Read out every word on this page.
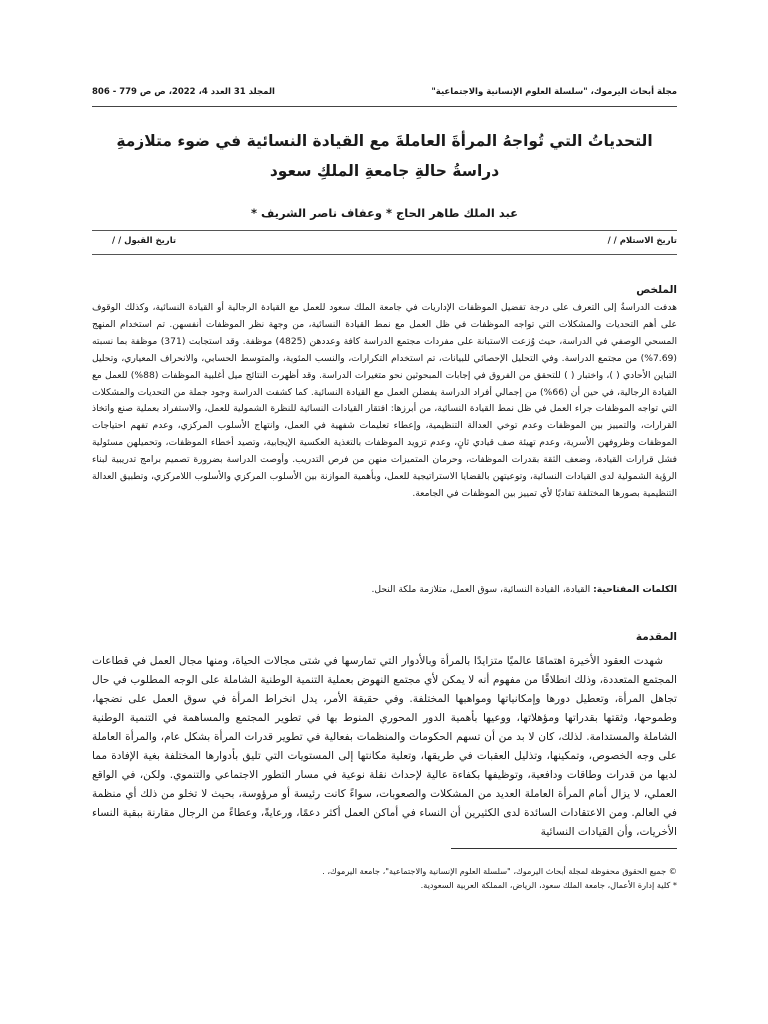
مجلة أبحاث اليرموك، "سلسلة العلوم الإنسانية والاجتماعية"
المجلد 31 العدد 4، 2022، ص ص 779 - 806
التحدياتُ التي تُواجهُ المرأةَ العاملةَ مع القيادة النسائية في ضوء متلازمةِ
دراسةُ حالةِ جامعةِ الملكِ سعود
عبد الملك طاهر الحاج * وعفاف ناصر الشريف *
تاريخ الاستلام / /
تاريخ القبول / /
الملخص
هدفت الدراسةُ إلى التعرف على درجة تفضيل الموظفات الإداريات في جامعة الملك سعود للعمل مع القيادة الرجالية أو القيادة النسائية، وكذلك الوقوف على أهم التحديات والمشكلات التي تواجه الموظفات في ظل العمل مع نمط القيادة النسائية، من وجهة نظر الموظفات أنفسهن. تم استخدام المنهج المسحي الوصفي في الدراسة، حيث وُزعت الاستبانة على مفردات مجتمع الدراسة كافة وعددهن (4825) موظفة. وقد استجابت (371) موظفة بما نسبته (7.69%) من مجتمع الدراسة. وفي التحليل الإحصائي للبيانات، تم استخدام التكرارات، والنسب المئوية، والمتوسط الحسابي، والانحراف المعياري، وتحليل التباين الأحادي ( )، واختبار ( ) للتحقق من الفروق في إجابات المبحوثين نحو متغيرات الدراسة. وقد أظهرت النتائج ميل أغلبية الموظفات (88%) للعمل مع القيادة الرجالية، في حين أن (66%) من إجمالي أفراد الدراسة يفضلن العمل مع القيادة النسائية. كما كشفت الدراسة وجود جملة من التحديات والمشكلات التي تواجه الموظفات جراء العمل في ظل نمط القيادة النسائية، من أبرزها: افتقار القيادات النسائية للنظرة الشمولية للعمل، والاستفراد بعملية صنع واتخاذ القرارات، والتمييز بين الموظفات وعدم توخي العدالة التنظيمية، وإعطاء تعليمات شفهية في العمل، وانتهاج الأسلوب المركزي، وعدم تفهم احتياجات الموظفات وظروفهن الأسرية، وعدم تهيئة صف قيادي ثانٍ، وعدم تزويد الموظفات بالتغذية العكسية الإيجابية، وتصيد أخطاء الموظفات، وتحميلهن مسئولية فشل قرارات القيادة، وضعف الثقة بقدرات الموظفات، وحرمان المتميزات منهن من فرص التدريب. وأوصت الدراسة بضرورة تصميم برامج تدريبية لبناء الرؤية الشمولية لدى القيادات النسائية، وتوعيتهن بالقضايا الاستراتيجية للعمل، وبأهمية الموازنة بين الأسلوب المركزي والأسلوب اللامركزي، وتطبيق العدالة التنظيمية بصورها المختلفة تفاديًا لأي تمييز بين الموظفات في الجامعة.
الكلمات المفتاحية: القيادة، القيادة النسائية، سوق العمل، متلازمة ملكة النحل.
المقدمة
شهدت العقود الأخيرة اهتمامًا عالميًا متزايدًا بالمرأة وبالأدوار التي تمارسها في شتى مجالات الحياة، ومنها مجال العمل في قطاعات المجتمع المتعددة، وذلك انطلاقًا من مفهوم أنه لا يمكن لأي مجتمع النهوض بعملية التنمية الوطنية الشاملة على الوجه المطلوب في حال تجاهل المرأة، وتعطيل دورها وإمكانياتها ومواهبها المختلفة. وفي حقيقة الأمر، يدل انخراط المرأة في سوق العمل على نضجها، وطموحها، وثقتها بقدراتها ومؤهلاتها، ووعيها بأهمية الدور المحوري المنوط بها في تطوير المجتمع والمساهمة في التنمية الوطنية الشاملة والمستدامة. لذلك، كان لا بد من أن تسهم الحكومات والمنظمات بفعالية في تطوير قدرات المرأة بشكل عام، والمرأة العاملة على وجه الخصوص، وتمكينها، وتذليل العقبات في طريقها، وتعلية مكانتها إلى المستويات التي تليق بأدوارها المختلفة بغية الإفادة مما لديها من قدرات وطاقات ودافعية، وتوظيفها بكفاءة عالية لإحداث نقلة نوعية في مسار التطور الاجتماعي والتنموي. ولكن، في الواقع العملي، لا يزال أمام المرأة العاملة العديد من المشكلات والصعوبات، سواءً كانت رئيسة أو مرؤوسة، بحيث لا تخلو من ذلك أي منظمة في العالم. ومن الاعتقادات السائدة لدى الكثيرين أن النساء في أماكن العمل أكثر دعمًا، ورعايةً، وعطاءً من الرجال مقارنة ببقية النساء الأخريات، وأن القيادات النسائية
© جميع الحقوق محفوظة لمجلة أبحاث اليرموك، "سلسلة العلوم الإنسانية والاجتماعية"، جامعة اليرموك، .
* كلية إدارة الأعمال، جامعة الملك سعود، الرياض، المملكة العربية السعودية.
